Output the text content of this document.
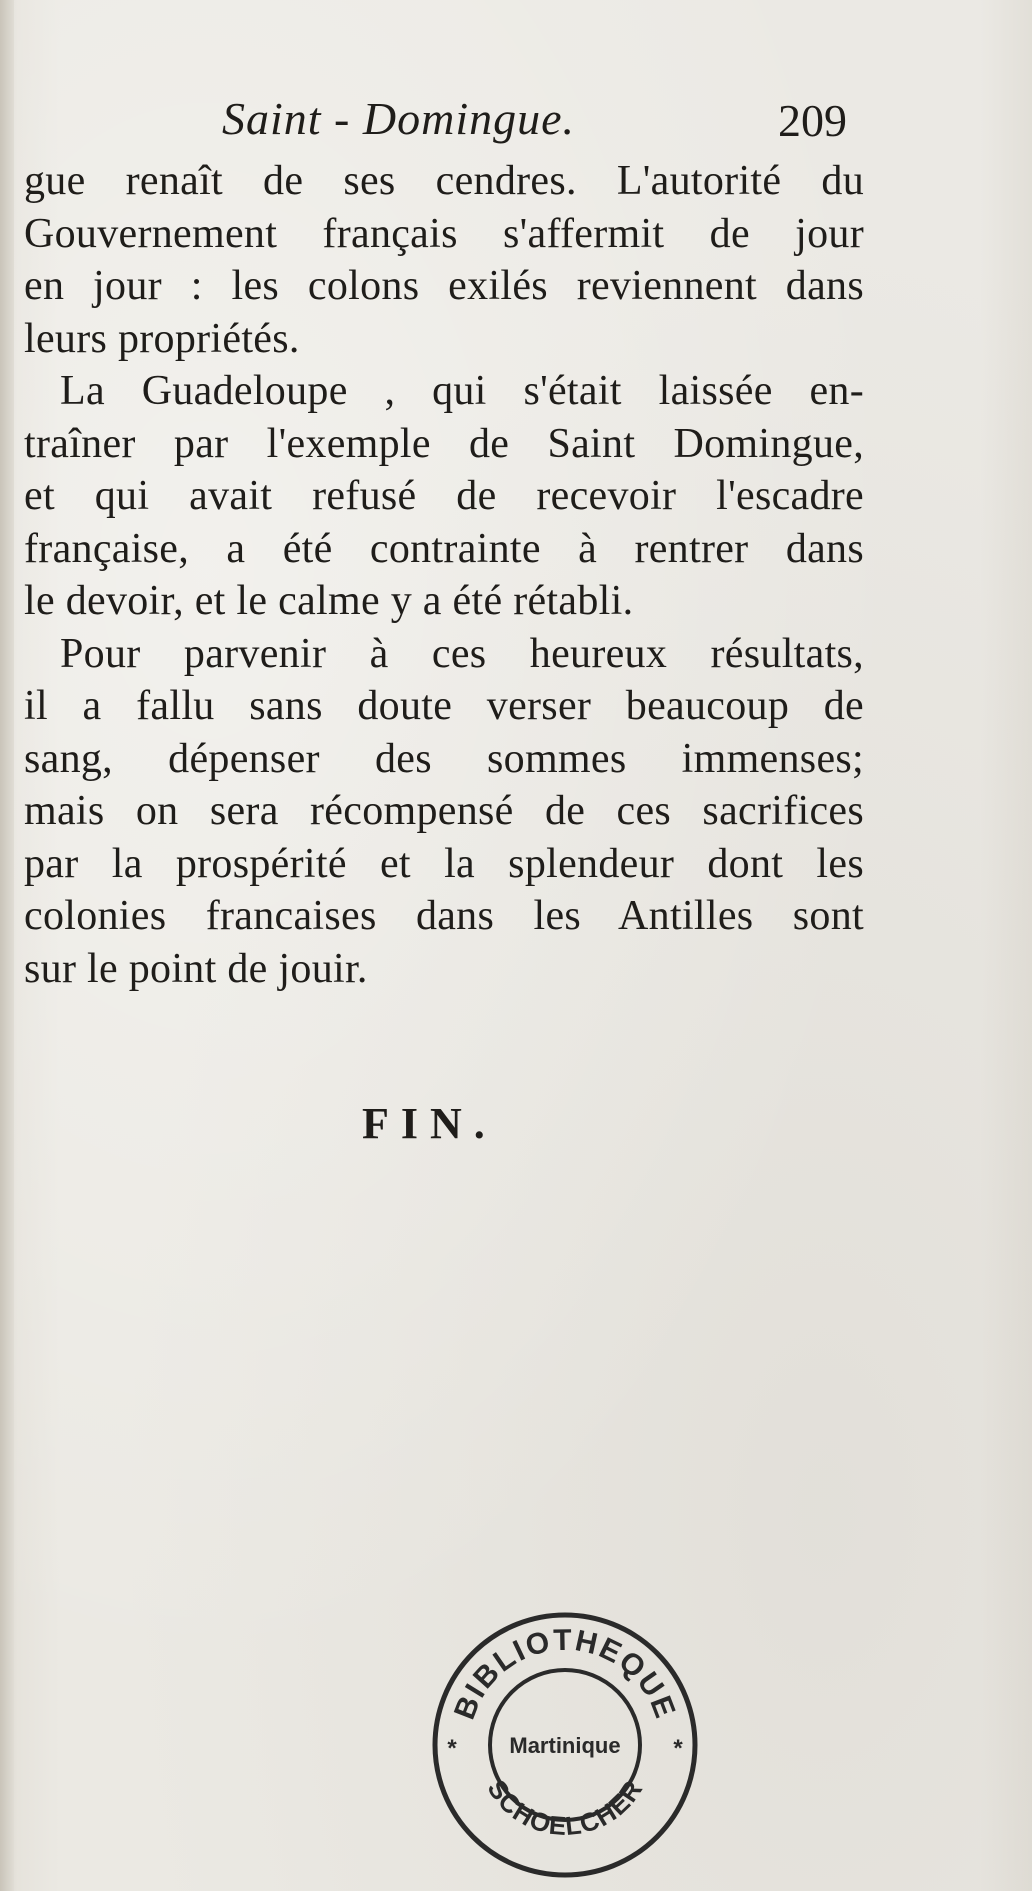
Saint - Domingue.	209
gue renaît de ses cendres. L'autorité du
Gouvernement français s'affermit de jour
en jour : les colons exilés reviennent dans
leurs propriétés.
La Guadeloupe , qui s'était laissée en-
traîner par l'exemple de Saint Domingue,
et qui avait refusé de recevoir l'escadre
française, a été contrainte à rentrer dans
le devoir, et le calme y a été rétabli.
Pour parvenir à ces heureux résultats,
il a fallu sans doute verser beaucoup de
sang, dépenser des sommes immenses;
mais on sera récompensé de ces sacrifices
par la prospérité et la splendeur dont les
colonies francaises dans les Antilles sont
sur le point de jouir.
FIN.
BIBLIOTHEQUE
SCHOELCHER
Martinique
*	*
